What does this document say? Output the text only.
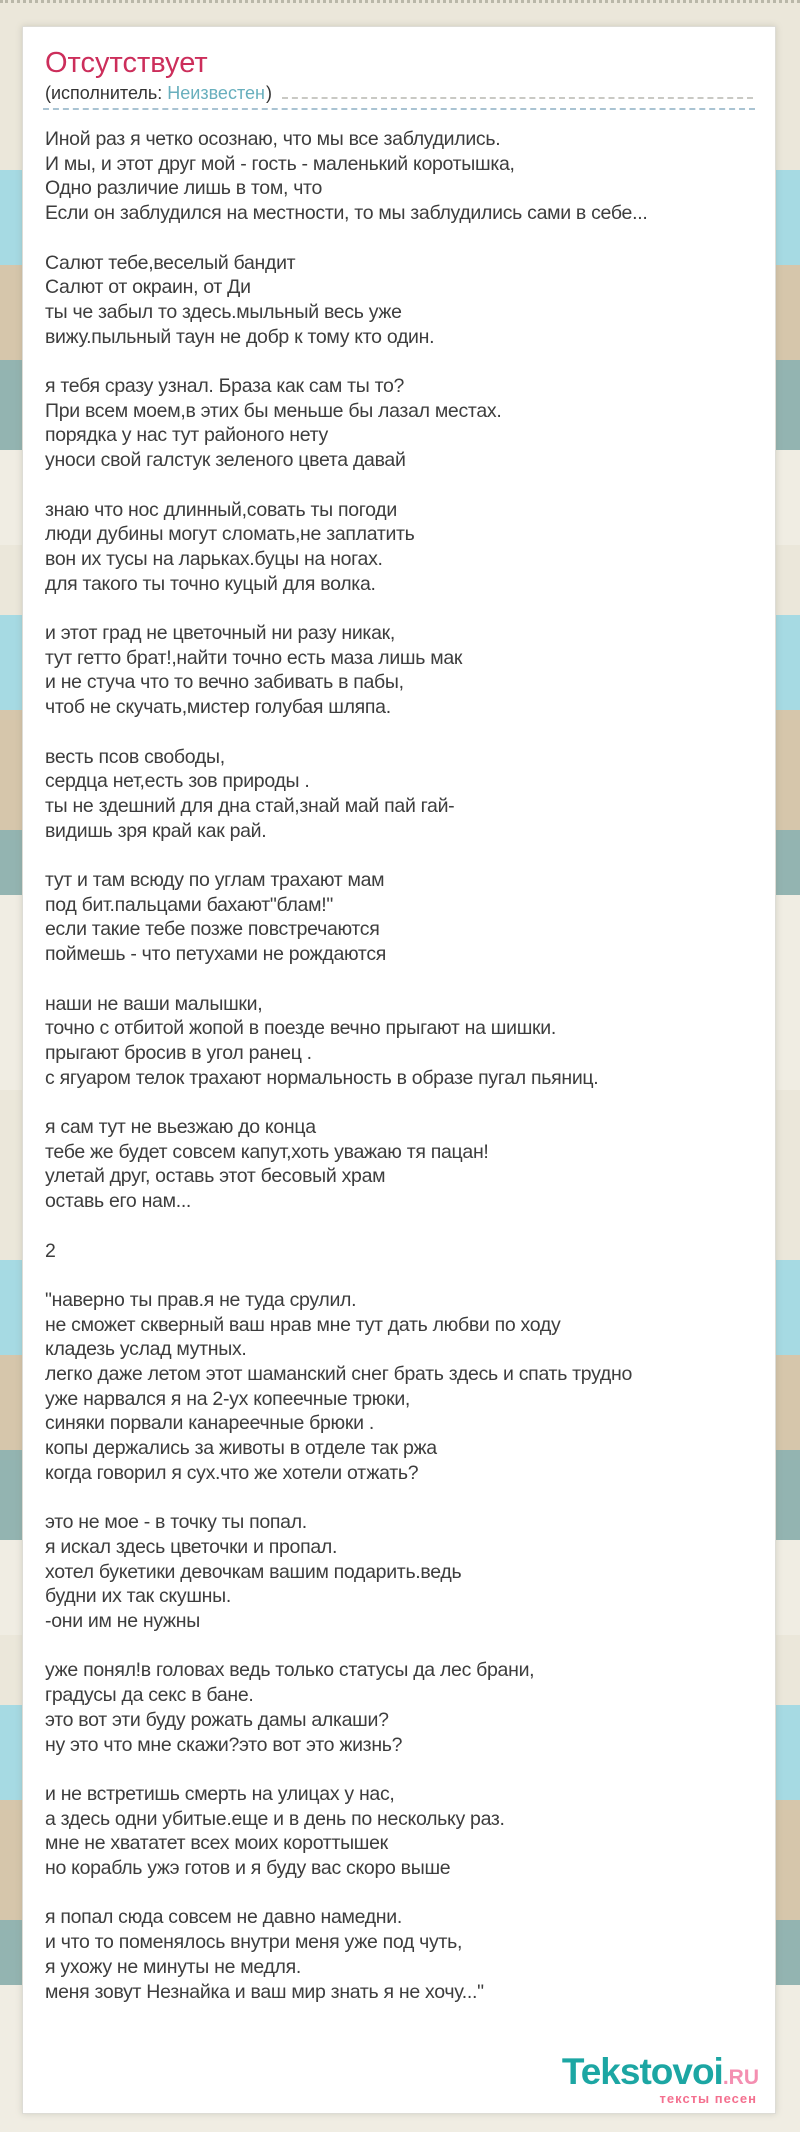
Отсутствует
(исполнитель: Неизвестен )
Иной раз я четко осознаю, что мы все заблудились.
И мы, и этот друг мой - гость - маленький коротышка,
Одно различие лишь в том, что
Если он заблудился на местности, то мы заблудились сами в себе...
Салют тебе,веселый бандит
Салют от окраин, от Ди
ты че забыл то здесь.мыльный весь уже
вижу.пыльный таун не добр к тому кто один.
я тебя сразу узнал. Браза как сам ты то?
При всем моем,в этих бы меньше бы лазал местах.
порядка у нас тут районого нету
уноси свой галстук зеленого цвета давай
знаю что нос длинный,совать ты погоди
люди дубины могут сломать,не заплатить
вон их тусы на ларьках.буцы на ногах.
для такого ты точно куцый для волка.
и этот град не цветочный ни разу никак,
тут гетто брат!,найти точно есть маза лишь мак
и не стуча что то вечно забивать в пабы,
чтоб не скучать,мистер голубая шляпа.
весть псов свободы,
сердца нет,есть зов природы .
ты не здешний для дна стай,знай май пай гай-
видишь зря край как рай.
тут и там всюду по углам трахают мам
под бит.пальцами бахают"блам!"
если такие тебе позже повстречаются
поймешь - что петухами не рождаются
наши не ваши малышки,
точно с отбитой жопой в поезде вечно прыгают на шишки.
прыгают бросив в угол ранец .
с ягуаром телок трахают нормальность в образе пугал пьяниц.
я сам тут не вьезжаю до конца
тебе же будет совсем капут,хоть уважаю тя пацан!
улетай друг, оставь этот бесовый храм
оставь его нам...
2
"наверно ты прав.я не туда срулил.
не сможет скверный ваш нрав мне тут дать любви по ходу
кладезь услад мутных.
легко даже летом этот шаманский снег брать здесь и спать трудно
уже нарвался я на 2-ух копеечные трюки,
синяки порвали канареечные брюки .
копы держались за животы в отделе так ржа
когда говорил я сух.что же хотели отжать?
это не мое - в точку ты попал.
я искал здесь цветочки и пропал.
хотел букетики девочкам вашим подарить.ведь
будни их так скушны.
-они им не нужны
уже понял!в головах ведь только статусы да лес брани,
градусы да секс в бане.
это вот эти буду рожать дамы алкаши?
ну это что мне скажи?это вот это жизнь?
и не встретишь смерть на улицах у нас,
а здесь одни убитые.еще и в день по нескольку раз.
мне не хвататет всех моих короттышек
но корабль ужэ готов и я буду вас скоро выше
я попал сюда совсем не давно намедни.
и что то поменялось внутри меня уже под чуть,
я ухожу не минуты не медля.
меня зовут Незнайка и ваш мир знать я не хочу..."
Tekstovoi.RU
тексты песен
